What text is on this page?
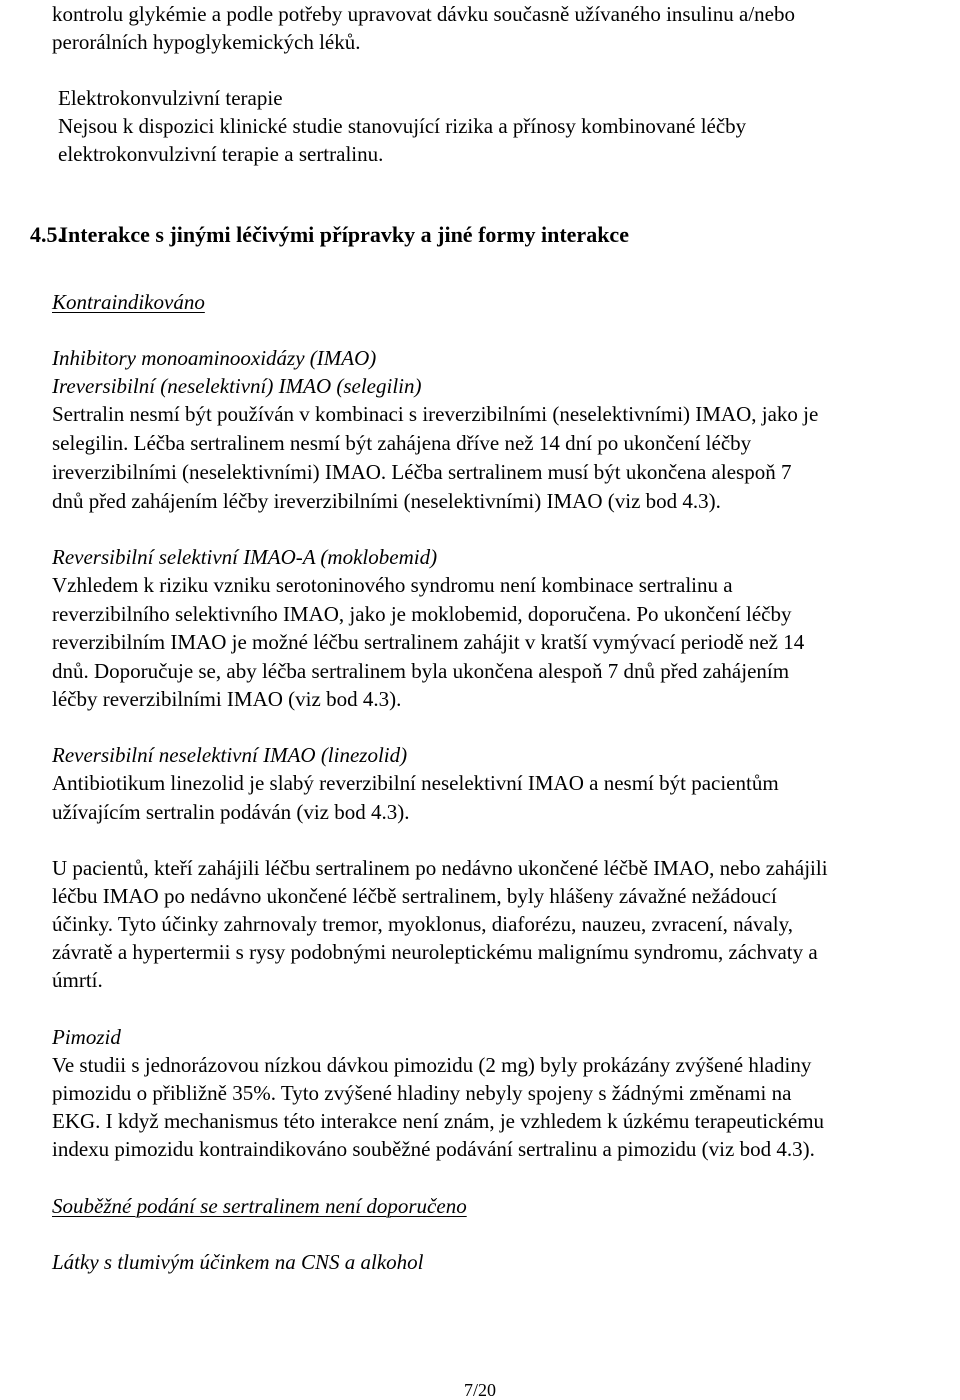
kontrolu glykémie a podle potřeby upravovat dávku současně užívaného insulinu a/nebo
perorálních hypoglykemických léků.
Elektrokonvulzivní terapie
Nejsou k dispozici klinické studie stanovující rizika a přínosy kombinované léčby
elektrokonvulzivní terapie a sertralinu.
4.5. Interakce s jinými léčivými přípravky a jiné formy interakce
Kontraindikováno
Inhibitory monoaminooxidázy (IMAO)
Ireversibilní (neselektivní) IMAO (selegilin)
Sertralin nesmí být používán v kombinaci s ireverzibilními (neselektivními) IMAO, jako je
selegilin. Léčba sertralinem nesmí být zahájena dříve než 14 dní po ukončení léčby
ireverzibilními (neselektivními) IMAO. Léčba sertralinem musí být ukončena alespoň 7
dnů před zahájením léčby ireverzibilními (neselektivními) IMAO (viz bod 4.3).
Reversibilní selektivní IMAO-A (moklobemid)
Vzhledem k riziku vzniku serotoninového syndromu není kombinace sertralinu a
reverzibilního selektivního IMAO, jako je moklobemid, doporučena. Po ukončení léčby
reverzibilním IMAO je možné léčbu sertralinem zahájit v kratší vymývací periodě než 14
dnů. Doporučuje se, aby léčba sertralinem byla ukončena alespoň 7 dnů před zahájením
léčby reverzibilními IMAO (viz bod 4.3).
Reversibilní neselektivní IMAO (linezolid)
Antibiotikum linezolid je slabý reverzibilní neselektivní IMAO a nesmí být pacientům
užívajícím sertralin podáván (viz bod 4.3).
U pacientů, kteří zahájili léčbu sertralinem po nedávno ukončené léčbě IMAO, nebo zahájili
léčbu IMAO po nedávno ukončené léčbě sertralinem, byly hlášeny závažné nežádoucí
účinky. Tyto účinky zahrnovaly tremor, myoklonus, diaforézu, nauzeu, zvracení, návaly,
závratě a hypertermii s rysy podobnými neuroleptickému malignímu syndromu, záchvaty a
úmrtí.
Pimozid
Ve studii s jednorázovou nízkou dávkou pimozidu (2 mg) byly prokázány zvýšené hladiny
pimozidu o přibližně 35%. Tyto zvýšené hladiny nebyly spojeny s žádnými změnami na
EKG. I když mechanismus této interakce není znám, je vzhledem k úzkému terapeutickému
indexu pimozidu kontraindikováno souběžné podávání sertralinu a pimozidu (viz bod 4.3).
Souběžné podání se sertralinem není doporučeno
Látky s tlumivým účinkem na CNS a alkohol
7/20
